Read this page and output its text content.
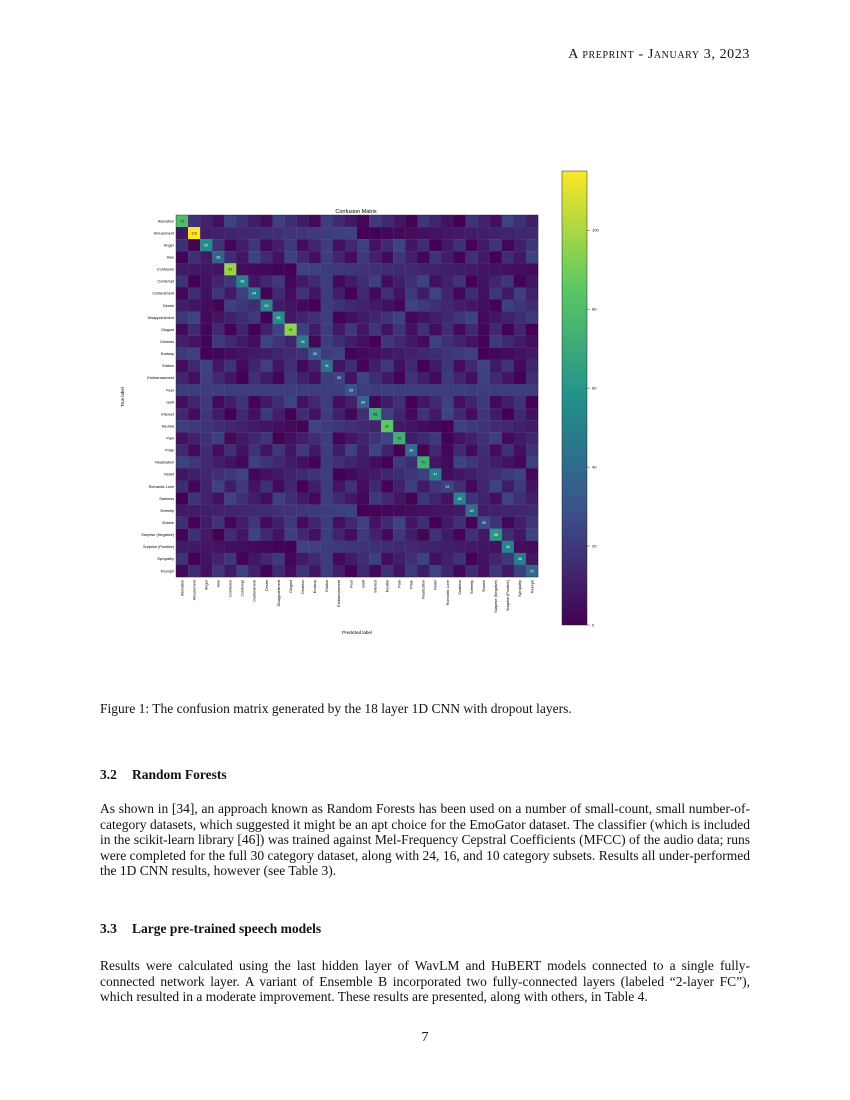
A preprint - January 3, 2023
Confusion Matrix
76
115
53
36
93
48
44
50
53
91
44
30
41
23
29
34
68
82
70
39
70
47
22
48
40
25
58
48
46
37
Adoration
Amusement
Anger
Awe
Confusion
Contempt
Contentment
Desire
Disappointment
Disgust
Distress
Ecstasy
Elation
Embarrassment
Fear
Guilt
Interest
Neutral
Pain
Pride
Realization
Relief
Romantic Love
Sadness
Serenity
Shame
Surprise (Negative)
Surprise (Positive)
Sympathy
Triumph
Adoration Amusement Anger Awe Confusion Contempt Contentment Desire Disappointment Disgust Distress Ecstasy Elation Embarrassment Fear Guilt Interest Neutral Pain Pride Realization Relief Romantic Love Sadness Serenity Shame Surprise (Negative) Surprise (Positive) Sympathy Triumph
Predicted label
True label
100
80
60
40
20
0
Figure 1: The confusion matrix generated by the 18 layer 1D CNN with dropout layers.
3.2 Random Forests
As shown in [34], an approach known as Random Forests has been used on a number of small-count, small number-of-category datasets, which suggested it might be an apt choice for the EmoGator dataset. The classifier (which is included in the scikit-learn library [46]) was trained against Mel-Frequency Cepstral Coefficients (MFCC) of the audio data; runs were completed for the full 30 category dataset, along with 24, 16, and 10 category subsets. Results all under-performed the 1D CNN results, however (see Table 3).
3.3 Large pre-trained speech models
Results were calculated using the last hidden layer of WavLM and HuBERT models connected to a single fully-connected network layer. A variant of Ensemble B incorporated two fully-connected layers (labeled “2-layer FC”), which resulted in a moderate improvement. These results are presented, along with others, in Table 4.
7
